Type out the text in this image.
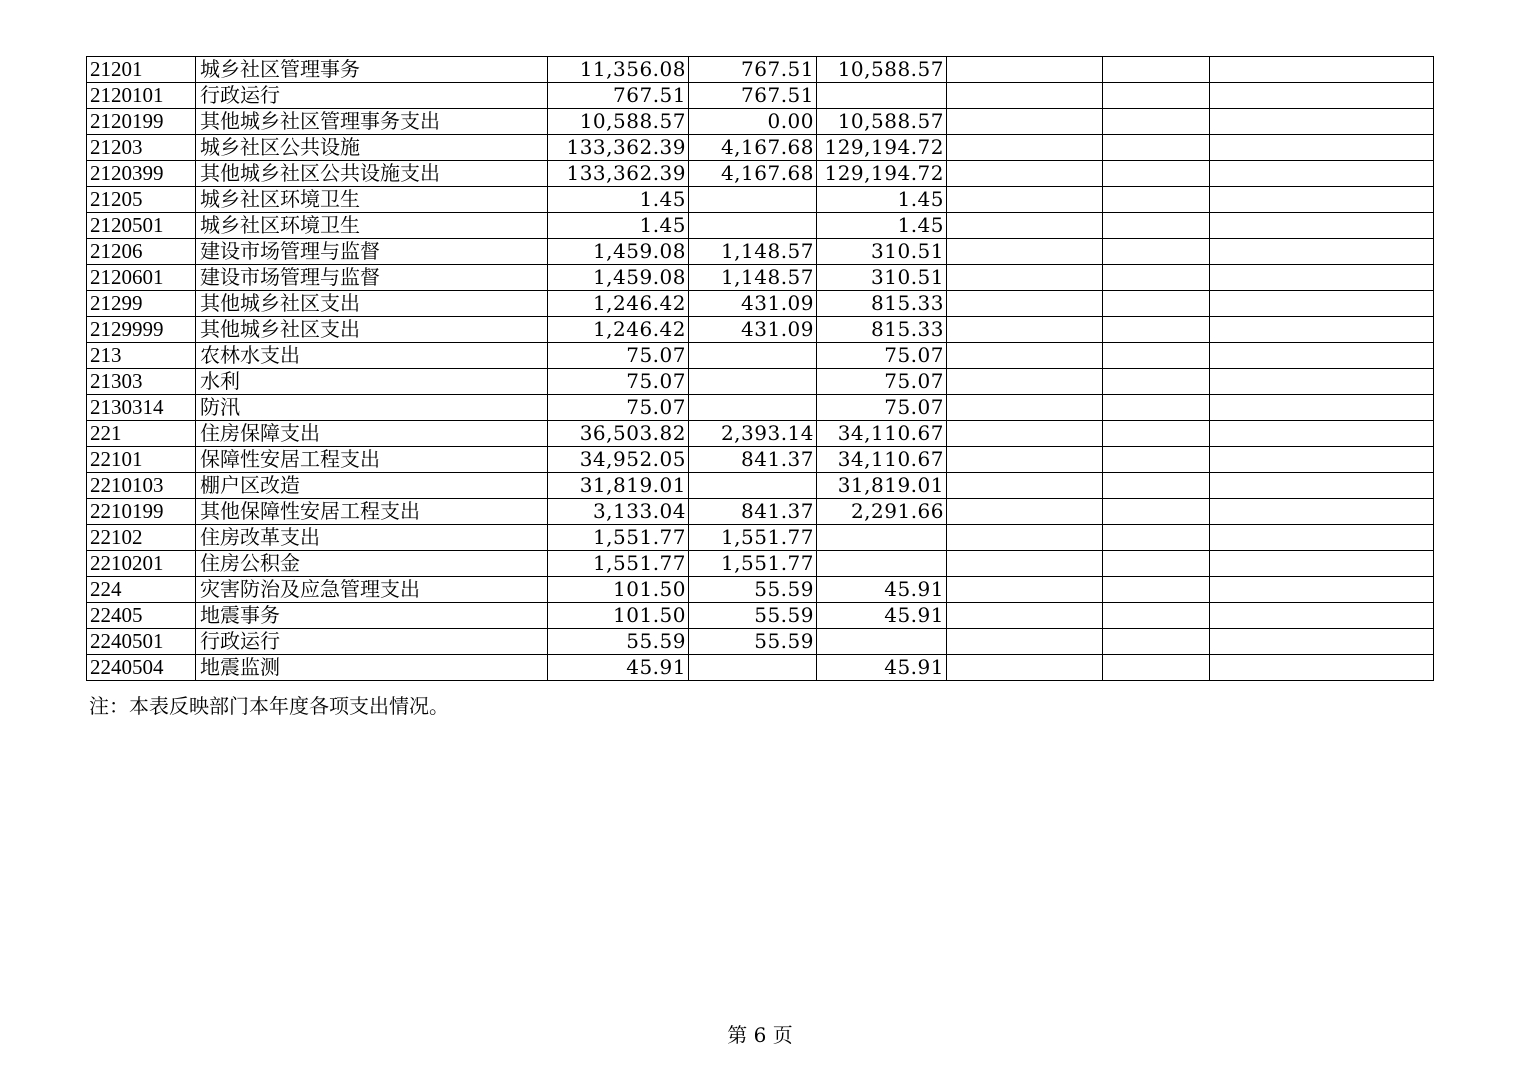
21201	城乡社区管理事务	11,356.08	767.51	10,588.57			
2120101	行政运行	767.51	767.51				
2120199	其他城乡社区管理事务支出	10,588.57	0.00	10,588.57			
21203	城乡社区公共设施	133,362.39	4,167.68	129,194.72			
2120399	其他城乡社区公共设施支出	133,362.39	4,167.68	129,194.72			
21205	城乡社区环境卫生	1.45		1.45			
2120501	城乡社区环境卫生	1.45		1.45			
21206	建设市场管理与监督	1,459.08	1,148.57	310.51			
2120601	建设市场管理与监督	1,459.08	1,148.57	310.51			
21299	其他城乡社区支出	1,246.42	431.09	815.33			
2129999	其他城乡社区支出	1,246.42	431.09	815.33			
213	农林水支出	75.07		75.07			
21303	水利	75.07		75.07			
2130314	防汛	75.07		75.07			
221	住房保障支出	36,503.82	2,393.14	34,110.67			
22101	保障性安居工程支出	34,952.05	841.37	34,110.67			
2210103	棚户区改造	31,819.01		31,819.01			
2210199	其他保障性安居工程支出	3,133.04	841.37	2,291.66			
22102	住房改革支出	1,551.77	1,551.77				
2210201	住房公积金	1,551.77	1,551.77				
224	灾害防治及应急管理支出	101.50	55.59	45.91			
22405	地震事务	101.50	55.59	45.91			
2240501	行政运行	55.59	55.59				
2240504	地震监测	45.91		45.91			
注：本表反映部门本年度各项支出情况。
第 6 页
